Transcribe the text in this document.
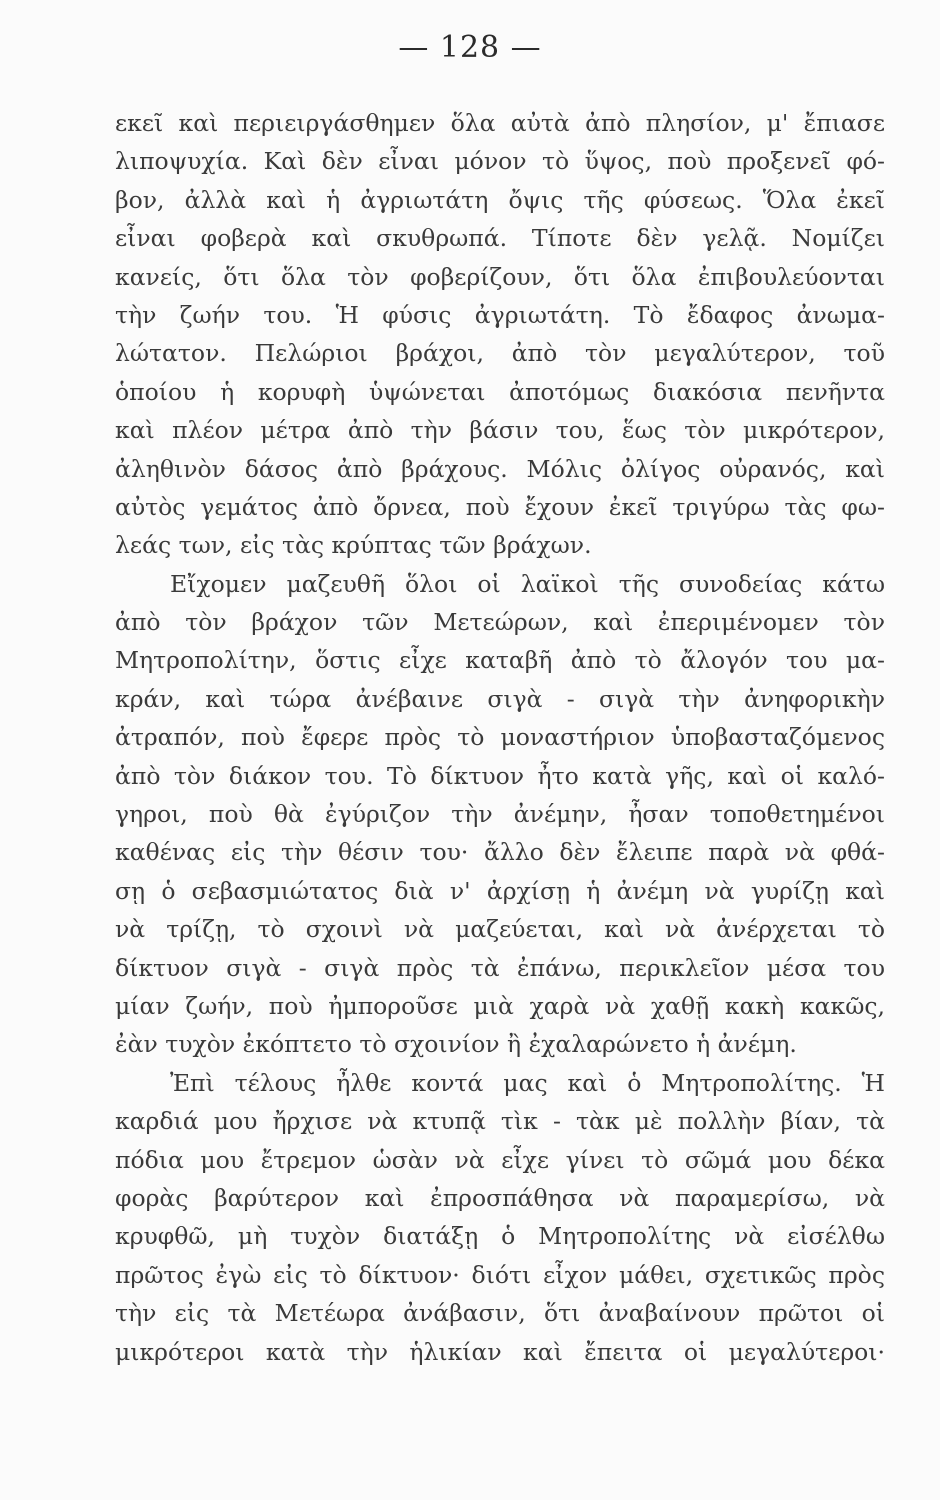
— 128 —
εκεῖ καὶ περιειργάσθημεν ὅλα αὐτὰ ἀπὸ πλησίον, μ' ἔπιασε
λιποψυχία. Καὶ δὲν εἶναι μόνον τὸ ὕψος, ποὺ προξενεῖ φό-
βον, ἀλλὰ καὶ ἡ ἀγριωτάτη ὄψις τῆς φύσεως. Ὅλα ἐκεῖ
εἶναι φοβερὰ καὶ σκυθρωπά. Τίποτε δὲν γελᾷ. Νομίζει
κανείς, ὅτι ὅλα τὸν φοβερίζουν, ὅτι ὅλα ἐπιβουλεύονται
τὴν ζωήν του. Ἡ φύσις ἀγριωτάτη. Τὸ ἔδαφος ἀνωμα-
λώτατον. Πελώριοι βράχοι, ἀπὸ τὸν μεγαλύτερον, τοῦ
ὁποίου ἡ κορυφὴ ὑψώνεται ἀποτόμως διακόσια πενῆντα
καὶ πλέον μέτρα ἀπὸ τὴν βάσιν του, ἕως τὸν μικρότερον,
ἀληθινὸν δάσος ἀπὸ βράχους. Μόλις ὀλίγος οὐρανός, καὶ
αὐτὸς γεμάτος ἀπὸ ὄρνεα, ποὺ ἔχουν ἐκεῖ τριγύρω τὰς φω-
λεάς των, εἰς τὰς κρύπτας τῶν βράχων.
Εἴχομεν μαζευθῆ ὅλοι οἱ λαϊκοὶ τῆς συνοδείας κάτω
ἀπὸ τὸν βράχον τῶν Μετεώρων, καὶ ἐπεριμένομεν τὸν
Μητροπολίτην, ὅστις εἶχε καταβῆ ἀπὸ τὸ ἄλογόν του μα-
κράν, καὶ τώρα ἀνέβαινε σιγὰ - σιγὰ τὴν ἀνηφορικὴν
ἀτραπόν, ποὺ ἔφερε πρὸς τὸ μοναστήριον ὑποβασταζόμενος
ἀπὸ τὸν διάκον του. Τὸ δίκτυον ἦτο κατὰ γῆς, καὶ οἱ καλό-
γηροι, ποὺ θὰ ἐγύριζον τὴν ἀνέμην, ἦσαν τοποθετημένοι
καθένας εἰς τὴν θέσιν του· ἄλλο δὲν ἔλειπε παρὰ νὰ φθά-
σῃ ὁ σεβασμιώτατος διὰ ν' ἀρχίσῃ ἡ ἀνέμη νὰ γυρίζῃ καὶ
νὰ τρίζῃ, τὸ σχοινὶ νὰ μαζεύεται, καὶ νὰ ἀνέρχεται τὸ
δίκτυον σιγὰ - σιγὰ πρὸς τὰ ἐπάνω, περικλεῖον μέσα του
μίαν ζωήν, ποὺ ἠμποροῦσε μιὰ χαρὰ νὰ χαθῇ κακὴ κακῶς,
ἐὰν τυχὸν ἐκόπτετο τὸ σχοινίον ἢ ἐχαλαρώνετο ἡ ἀνέμη.
Ἐπὶ τέλους ἦλθε κοντά μας καὶ ὁ Μητροπολίτης. Ἡ
καρδιά μου ἤρχισε νὰ κτυπᾷ τὶκ - τὰκ μὲ πολλὴν βίαν, τὰ
πόδια μου ἔτρεμον ὡσὰν νὰ εἶχε γίνει τὸ σῶμά μου δέκα
φορὰς βαρύτερον καὶ ἐπροσπάθησα νὰ παραμερίσω, νὰ
κρυφθῶ, μὴ τυχὸν διατάξῃ ὁ Μητροπολίτης νὰ εἰσέλθω
πρῶτος ἐγὼ εἰς τὸ δίκτυον· διότι εἶχον μάθει, σχετικῶς πρὸς
τὴν εἰς τὰ Μετέωρα ἀνάβασιν, ὅτι ἀναβαίνουν πρῶτοι οἱ
μικρότεροι κατὰ τὴν ἡλικίαν καὶ ἔπειτα οἱ μεγαλύτεροι·
